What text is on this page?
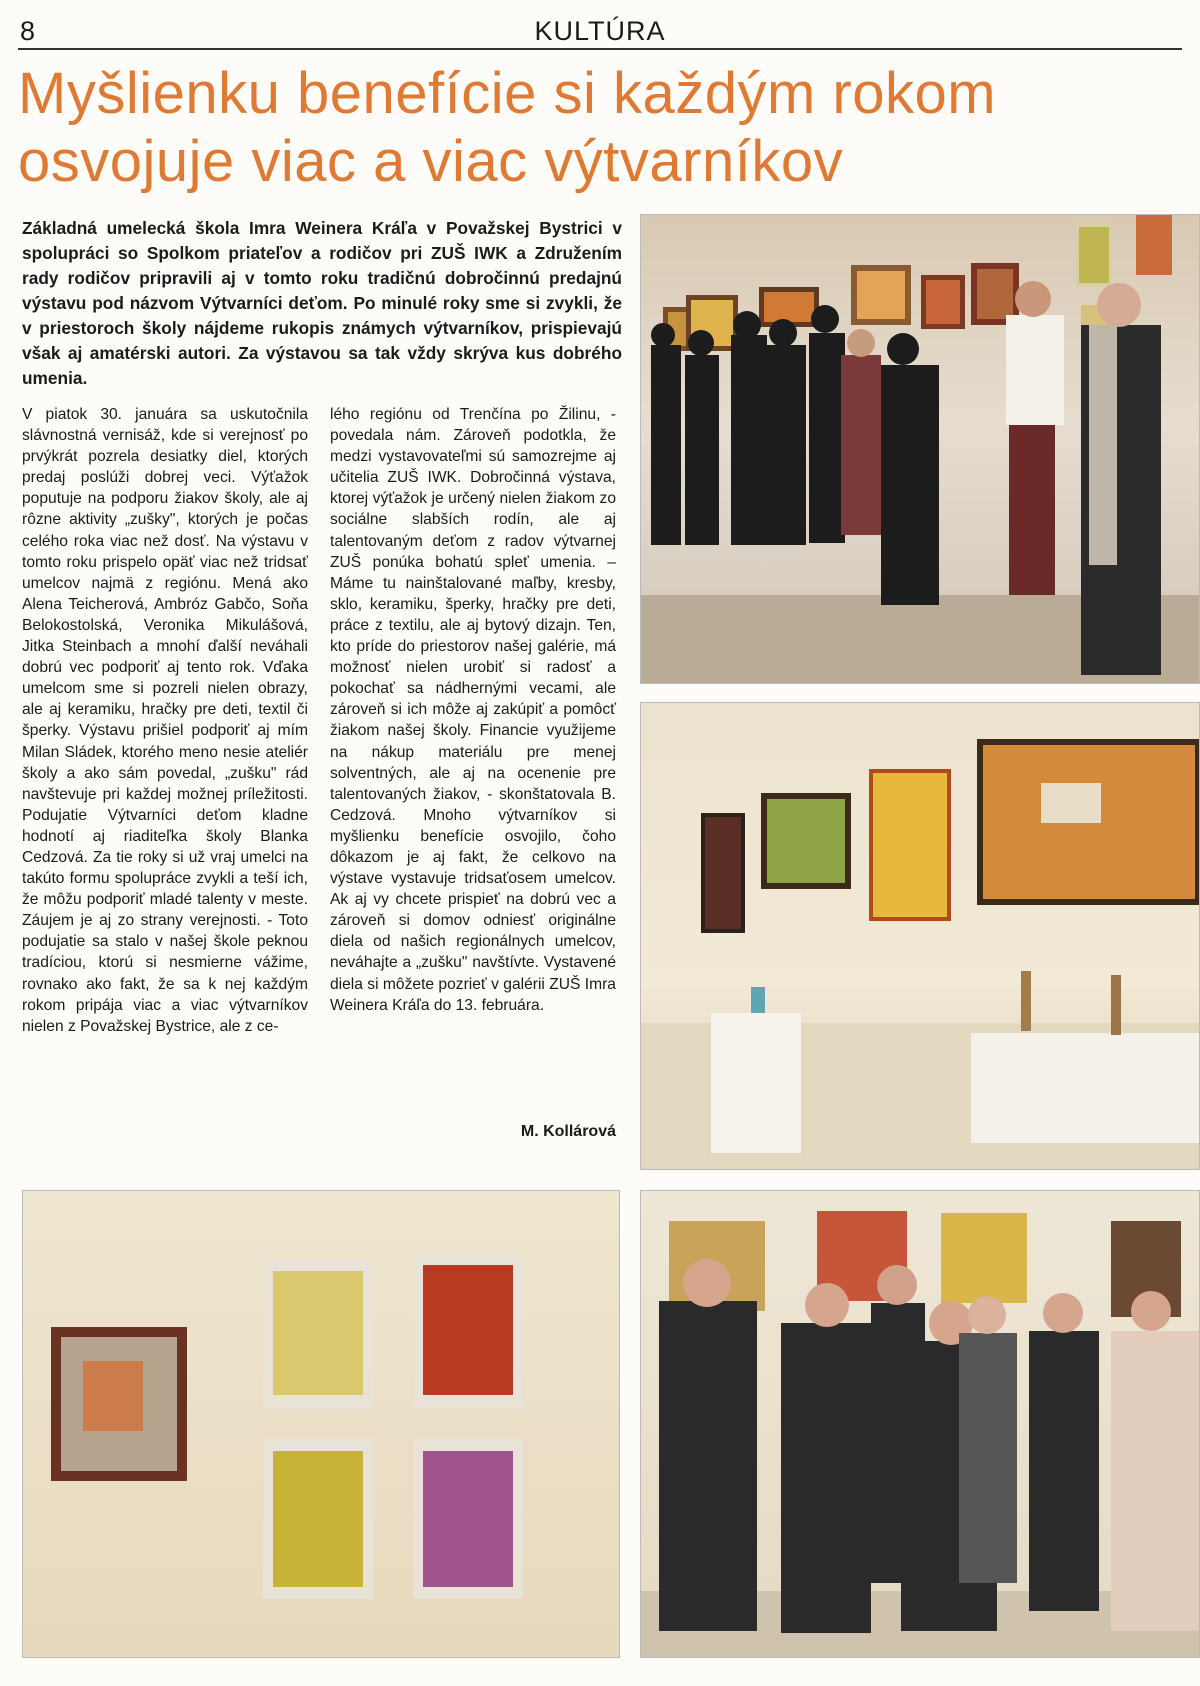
8	KULTÚRA
Myšlienku benefície si každým rokom
osvojuje viac a viac výtvarníkov

Základná umelecká škola Imra Weinera Kráľa v Považskej Bystrici v spolupráci so Spolkom priateľov a rodičov pri ZUŠ IWK a Združením rady rodičov pripravili aj v tomto roku tradičnú dobročinnú predajnú výstavu pod názvom Výtvarníci deťom. Po minulé roky sme si zvykli, že v priestoroch školy nájdeme rukopis známych výtvarníkov, prispievajú však aj amatérski autori. Za výstavou sa tak vždy skrýva kus dobrého umenia.

V piatok 30. januára sa uskutočnila slávnostná vernisáž, kde si verejnosť po prvýkrát pozrela desiatky diel, ktorých predaj poslúži dobrej veci. Výťažok poputuje na podporu žiakov školy, ale aj rôzne aktivity „zušky", ktorých je počas celého roka viac než dosť. Na výstavu v tomto roku prispelo opäť viac než tridsať umelcov najmä z regiónu. Mená ako Alena Teicherová, Ambróz Gabčo, Soňa Belokostolská, Veronika Mikulášová, Jitka Steinbach a mnohí ďalší neváhali dobrú vec podporiť aj tento rok. Vďaka umelcom sme si pozreli nielen obrazy, ale aj keramiku, hračky pre deti, textil či šperky. Výstavu prišiel podporiť aj mím Milan Sládek, ktorého meno nesie ateliér školy a ako sám povedal, „zušku" rád navštevuje pri každej možnej príležitosti. Podujatie Výtvarníci deťom kladne hodnotí aj riaditeľka školy Blanka Cedzová. Za tie roky si už vraj umelci na takúto formu spolupráce zvykli a teší ich, že môžu podporiť mladé talenty v meste. Záujem je aj zo strany verejnosti. - Toto podujatie sa stalo v našej škole peknou tradíciou, ktorú si nesmierne vážime, rovnako ako fakt, že sa k nej každým rokom pripája viac a viac výtvarníkov nielen z Považskej Bystrice, ale z ce-

lého regiónu od Trenčína po Žilinu, - povedala nám. Zároveň podotkla, že medzi vystavovateľmi sú samozrejme aj učitelia ZUŠ IWK. Dobročinná výstava, ktorej výťažok je určený nielen žiakom zo sociálne slabších rodín, ale aj talentovaným deťom z radov výtvarnej ZUŠ ponúka bohatú spleť umenia. – Máme tu nainštalované maľby, kresby, sklo, keramiku, šperky, hračky pre deti, práce z textilu, ale aj bytový dizajn. Ten, kto príde do priestorov našej galérie, má možnosť nielen urobiť si radosť a pokochať sa nádhernými vecami, ale zároveň si ich môže aj zakúpiť a pomôcť žiakom našej školy. Financie využijeme na nákup materiálu pre menej solventných, ale aj na ocenenie pre talentovaných žiakov, - skonštatovala B. Cedzová. Mnoho výtvarníkov si myšlienku benefície osvojilo, čoho dôkazom je aj fakt, že celkovo na výstave vystavuje tridsaťosem umelcov. Ak aj vy chcete prispieť na dobrú vec a zároveň si domov odniesť originálne diela od našich regionálnych umelcov, neváhajte a „zušku" navštívte. Vystavené diela si môžete pozrieť v galérii ZUŠ Imra Weinera Kráľa do 13. februára.

M. Kollárová
